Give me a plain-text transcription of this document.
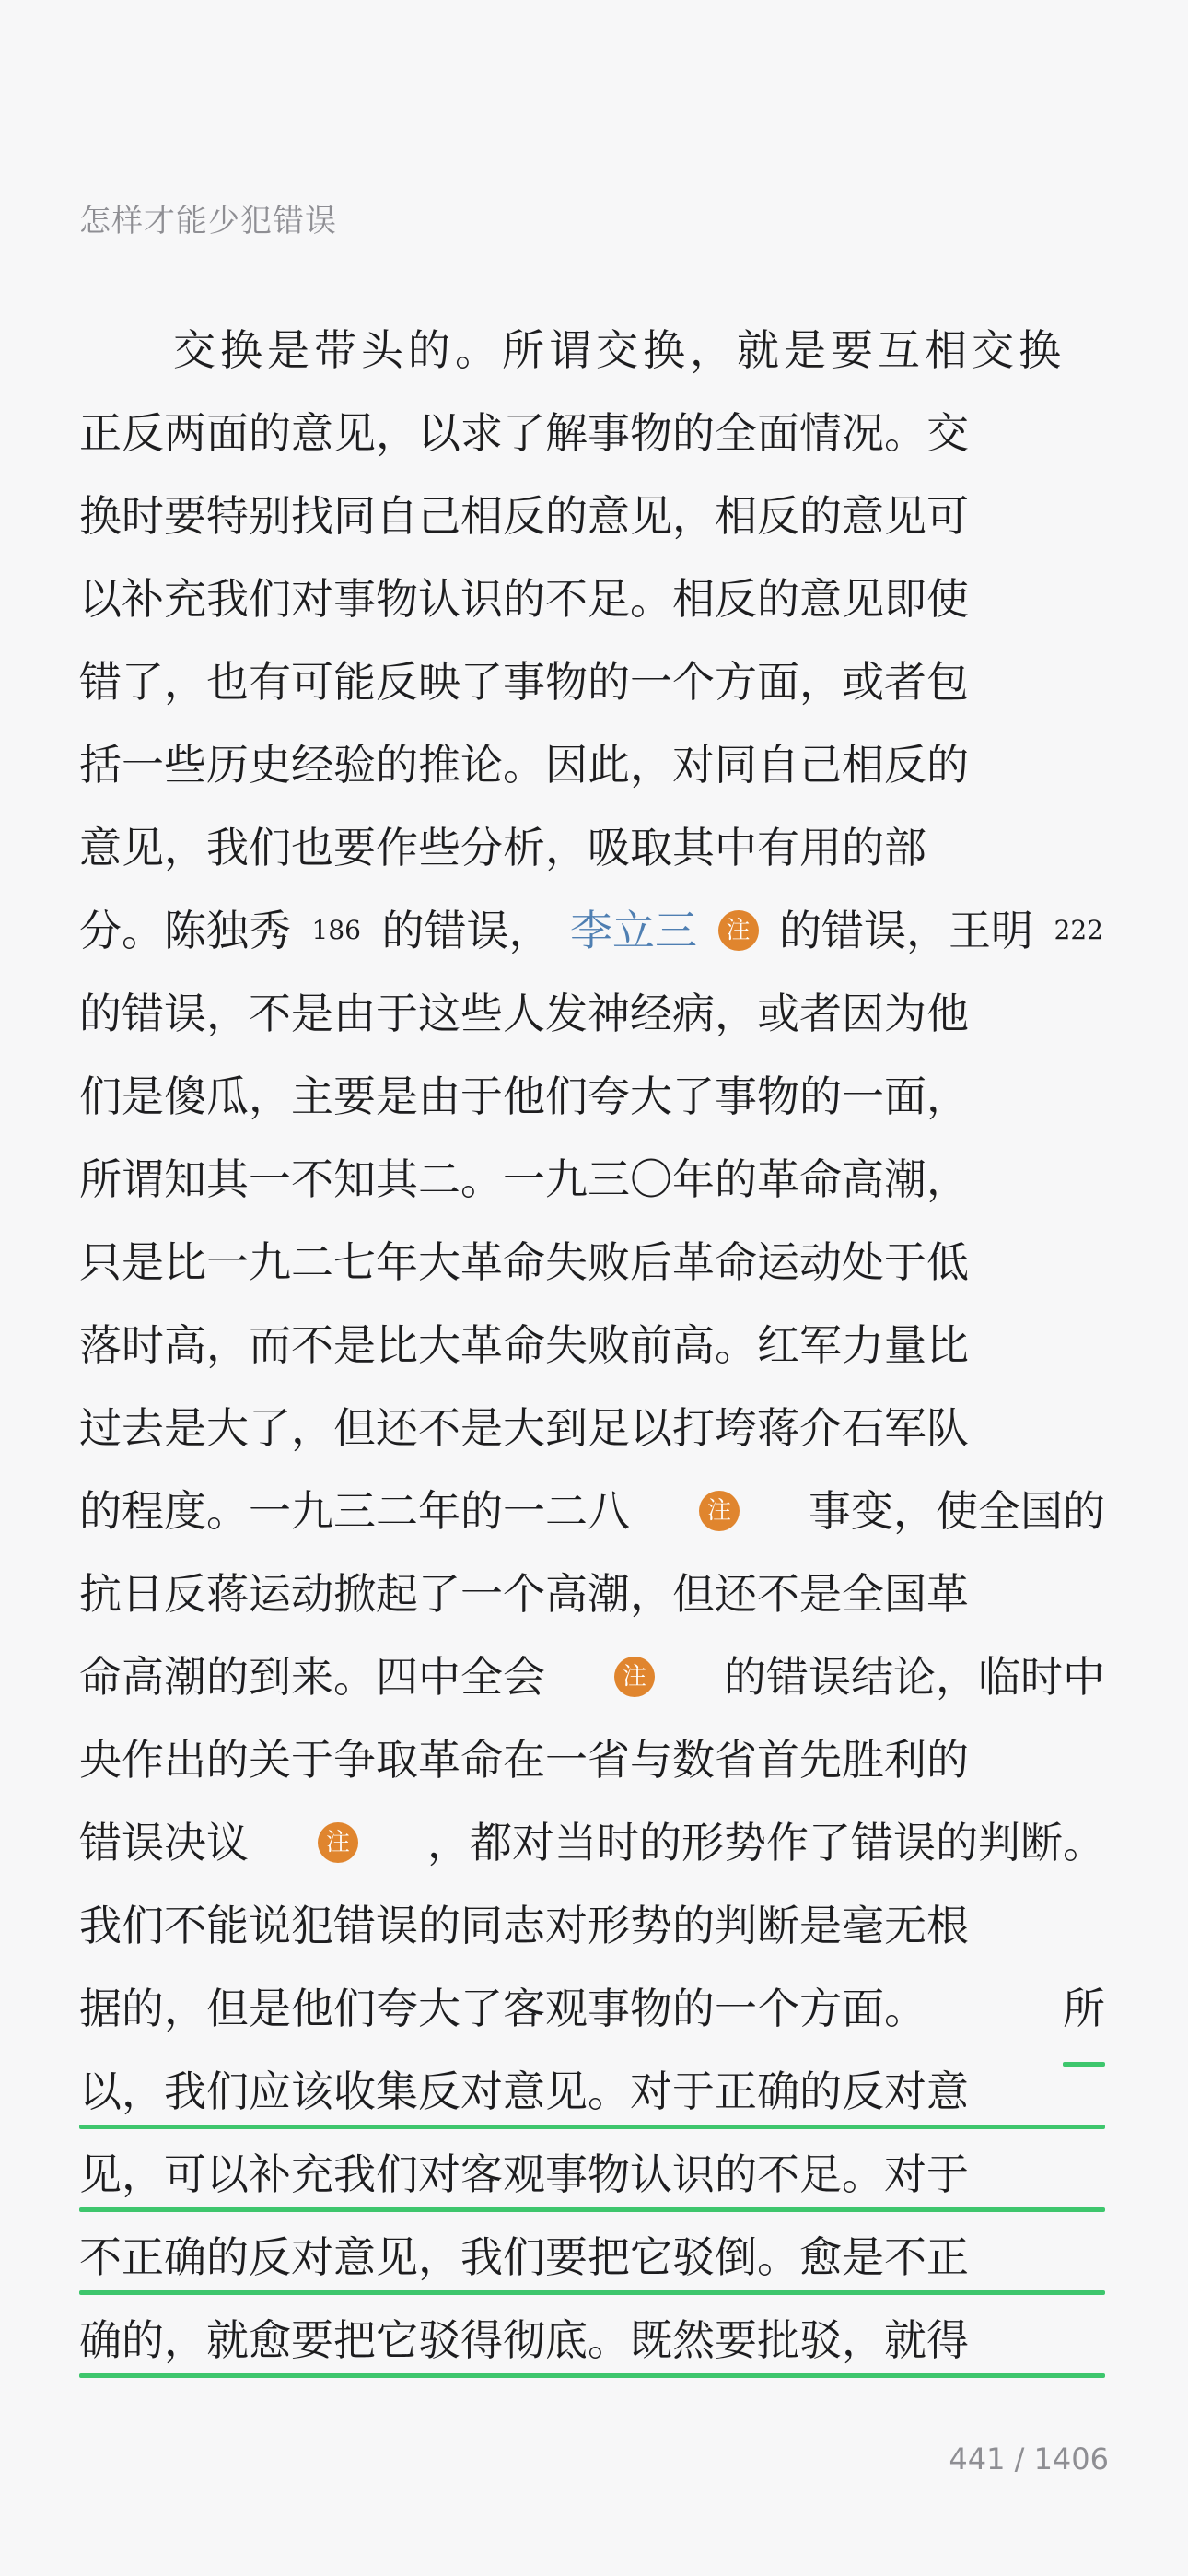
怎样才能少犯错误
交换是带头的。所谓交换，就是要互相交换
正反两面的意见，以求了解事物的全面情况。交
换时要特别找同自己相反的意见，相反的意见可
以补充我们对事物认识的不足。相反的意见即使
错了，也有可能反映了事物的一个方面，或者包
括一些历史经验的推论。因此，对同自己相反的
意见，我们也要作些分析，吸取其中有用的部
分。陈独秀 186 的错误， 李立三	注 的错误，王明 222
的错误，不是由于这些人发神经病，或者因为他
们是傻瓜，主要是由于他们夸大了事物的一面，
所谓知其一不知其二。一九三〇年的革命高潮，
只是比一九二七年大革命失败后革命运动处于低
落时高，而不是比大革命失败前高。红军力量比
过去是大了，但还不是大到足以打垮蒋介石军队
的程度。一九三二年的一二八	注 事变，使全国的
抗日反蒋运动掀起了一个高潮，但还不是全国革
命高潮的到来。四中全会	注 的错误结论，临时中
央作出的关于争取革命在一省与数省首先胜利的
错误决议	注 ，都对当时的形势作了错误的判断。
我们不能说犯错误的同志对形势的判断是毫无根
据的，但是他们夸大了客观事物的一个方面。	所
以，我们应该收集反对意见。对于正确的反对意
见，可以补充我们对客观事物认识的不足。对于
不正确的反对意见，我们要把它驳倒。愈是不正
确的，就愈要把它驳得彻底。既然要批驳，就得
441 / 1406
